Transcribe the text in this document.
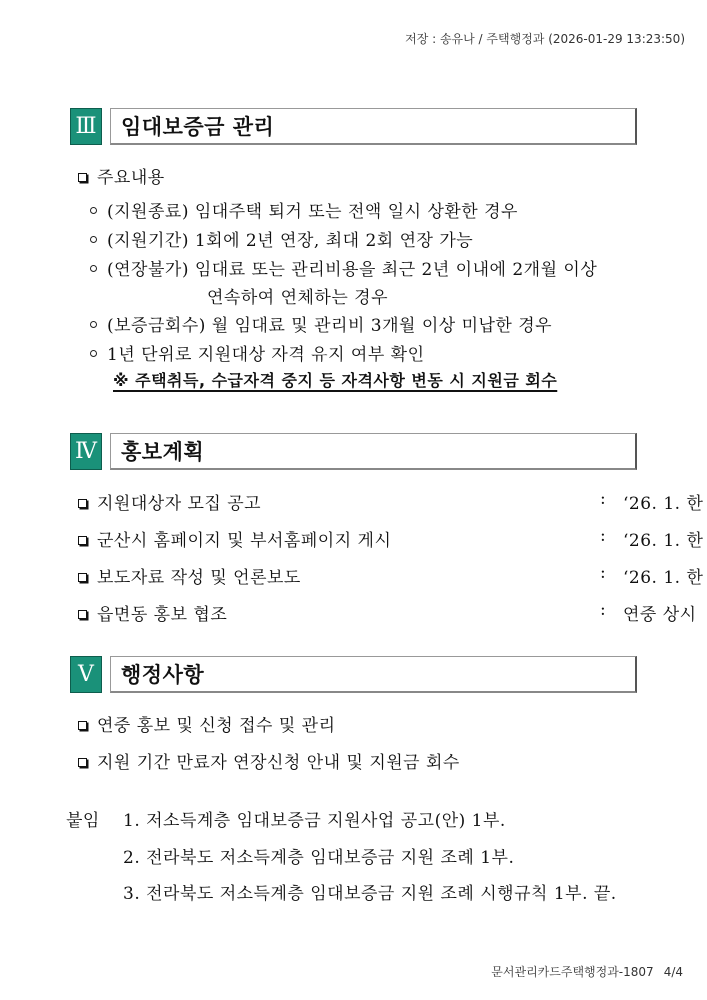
저장 : 송유나 / 주택행정과 (2026-01-29 13:23:50)
Ⅲ 임대보증금 관리
주요내용
(지원종료) 임대주택 퇴거 또는 전액 일시 상환한 경우
(지원기간) 1회에 2년 연장, 최대 2회 연장 가능
(연장불가) 임대료 또는 관리비용을 최근 2년 이내에 2개월 이상
연속하여 연체하는 경우
(보증금회수) 월 임대료 및 관리비 3개월 이상 미납한 경우
1년 단위로 지원대상 자격 유지 여부 확인
※ 주택취득, 수급자격 중지 등 자격사항 변동 시 지원금 회수
Ⅳ 홍보계획
지원대상자 모집 공고	: ‘26. 1. 한
군산시 홈페이지 및 부서홈페이지 게시	: ‘26. 1. 한
보도자료 작성 및 언론보도	: ‘26. 1. 한
읍면동 홍보 협조	: 연중 상시
Ⅴ	행정사항
연중 홍보 및 신청 접수 및 관리
지원 기간 만료자 연장신청 안내 및 지원금 회수
붙임 1. 저소득계층 임대보증금 지원사업 공고(안) 1부.
2. 전라북도 저소득계층 임대보증금 지원 조례 1부.
3. 전라북도 저소득계층 임대보증금 지원 조례 시행규칙 1부. 끝.
문서관리카드주택행정과-1807 4/4
